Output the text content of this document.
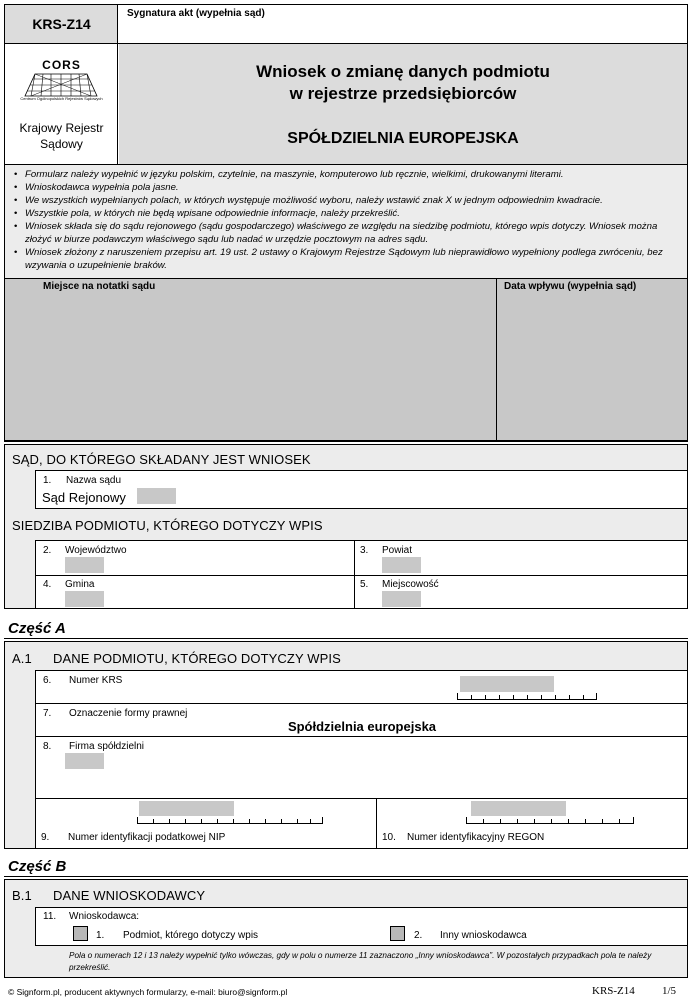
KRS-Z14
Sygnatura akt (wypełnia sąd)
CORS
Centrum Ogólnopolskich Rejestrów Sądowych
Krajowy Rejestr
Sądowy
Wniosek o zmianę danych podmiotu
w rejestrze przedsiębiorców
SPÓŁDZIELNIA EUROPEJSKA
• Formularz należy wypełnić w języku polskim, czytelnie, na maszynie, komputerowo lub ręcznie, wielkimi, drukowanymi literami.
• Wnioskodawca wypełnia pola jasne.
• We wszystkich wypełnianych polach, w których występuje możliwość wyboru, należy wstawić znak X w jednym odpowiednim kwadracie.
• Wszystkie pola, w których nie będą wpisane odpowiednie informacje, należy przekreślić.
• Wniosek składa się do sądu rejonowego (sądu gospodarczego) właściwego ze względu na siedzibę podmiotu, którego wpis dotyczy. Wniosek można złożyć w biurze podawczym właściwego sądu lub nadać w urzędzie pocztowym na adres sądu.
• Wniosek złożony z naruszeniem przepisu art. 19 ust. 2 ustawy o Krajowym Rejestrze Sądowym lub nieprawidłowo wypełniony podlega zwróceniu, bez wzywania o uzupełnienie braków.
Miejsce na notatki sądu	Data wpływu (wypełnia sąd)
SĄD, DO KTÓREGO SKŁADANY JEST WNIOSEK
1. Nazwa sądu
Sąd Rejonowy
SIEDZIBA PODMIOTU, KTÓREGO DOTYCZY WPIS
2. Województwo	3. Powiat
4. Gmina	5. Miejscowość
Część A
A.1 DANE PODMIOTU, KTÓREGO DOTYCZY WPIS
6. Numer KRS
7. Oznaczenie formy prawnej
Spółdzielnia europejska
8. Firma spółdzielni
9. Numer identyfikacji podatkowej NIP	10. Numer identyfikacyjny REGON
Część B
B.1 DANE WNIOSKODAWCY
11. Wnioskodawca:
1. Podmiot, którego dotyczy wpis	2. Inny wnioskodawca
Pola o numerach 12 i 13 należy wypełnić tylko wówczas, gdy w polu o numerze 11 zaznaczono „Inny wnioskodawca”. W pozostałych przypadkach pola te należy przekreślić.
© Signform.pl, producent aktywnych formularzy, e-mail: biuro@signform.pl	KRS-Z14 1/5
